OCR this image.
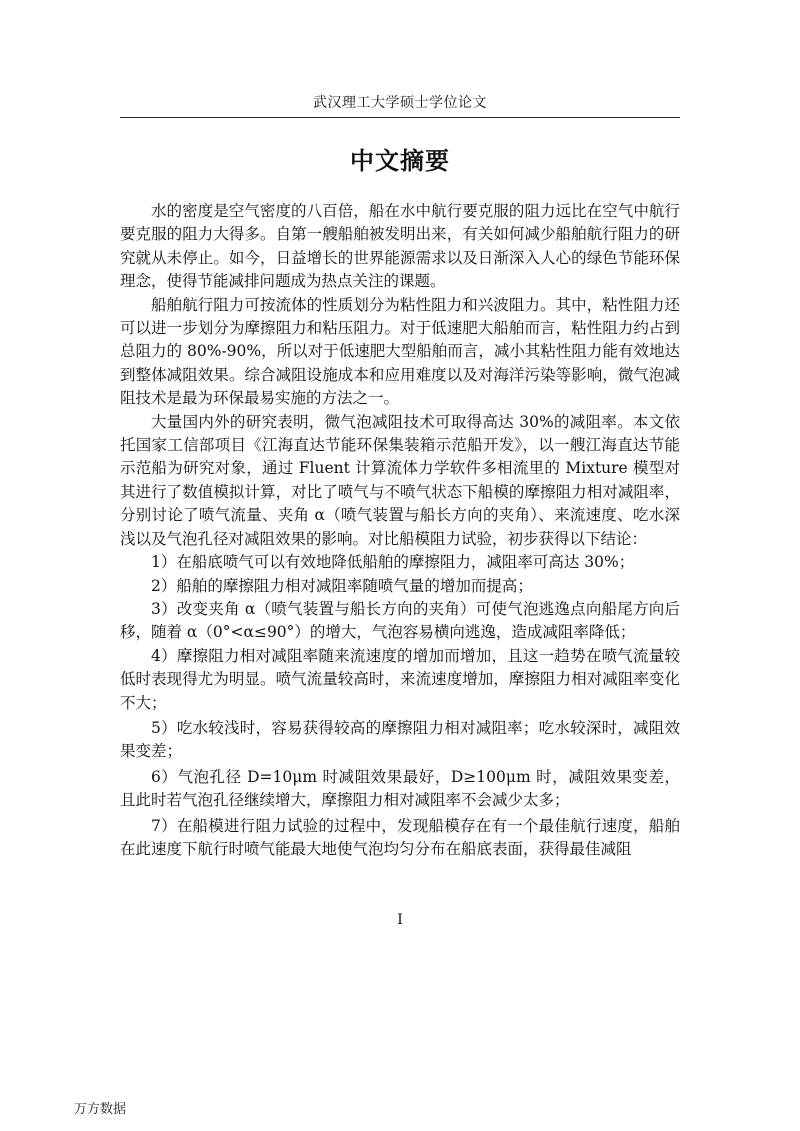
武汉理工大学硕士学位论文
中文摘要

水的密度是空气密度的八百倍，船在水中航行要克服的阻力远比在空气中航行要克服的阻力大得多。自第一艘船舶被发明出来，有关如何减少船舶航行阻力的研究就从未停止。如今，日益增长的世界能源需求以及日渐深入人心的绿色节能环保理念，使得节能减排问题成为热点关注的课题。

船舶航行阻力可按流体的性质划分为粘性阻力和兴波阻力。其中，粘性阻力还可以进一步划分为摩擦阻力和粘压阻力。对于低速肥大船舶而言，粘性阻力约占到总阻力的 80%-90%，所以对于低速肥大型船舶而言，减小其粘性阻力能有效地达到整体减阻效果。综合减阻设施成本和应用难度以及对海洋污染等影响，微气泡减阻技术是最为环保最易实施的方法之一。

大量国内外的研究表明，微气泡减阻技术可取得高达 30%的减阻率。本文依托国家工信部项目《江海直达节能环保集装箱示范船开发》，以一艘江海直达节能示范船为研究对象，通过 Fluent 计算流体力学软件多相流里的 Mixture 模型对其进行了数值模拟计算，对比了喷气与不喷气状态下船模的摩擦阻力相对减阻率，分别讨论了喷气流量、夹角 α（喷气装置与船长方向的夹角）、来流速度、吃水深浅以及气泡孔径对减阻效果的影响。对比船模阻力试验，初步获得以下结论：

1）在船底喷气可以有效地降低船舶的摩擦阻力，减阻率可高达 30%；

2）船舶的摩擦阻力相对减阻率随喷气量的增加而提高；

3）改变夹角 α（喷气装置与船长方向的夹角）可使气泡逃逸点向船尾方向后移，随着 α（0°<α≤90°）的增大，气泡容易横向逃逸，造成减阻率降低；

4）摩擦阻力相对减阻率随来流速度的增加而增加，且这一趋势在喷气流量较低时表现得尤为明显。喷气流量较高时，来流速度增加，摩擦阻力相对减阻率变化不大；

5）吃水较浅时，容易获得较高的摩擦阻力相对减阻率；吃水较深时，减阻效果变差；

6）气泡孔径 D=10μm 时减阻效果最好，D≥100μm 时，减阻效果变差，且此时若气泡孔径继续增大，摩擦阻力相对减阻率不会减少太多；

7）在船模进行阻力试验的过程中，发现船模存在有一个最佳航行速度，船舶在此速度下航行时喷气能最大地使气泡均匀分布在船底表面，获得最佳减阻

I
万方数据
